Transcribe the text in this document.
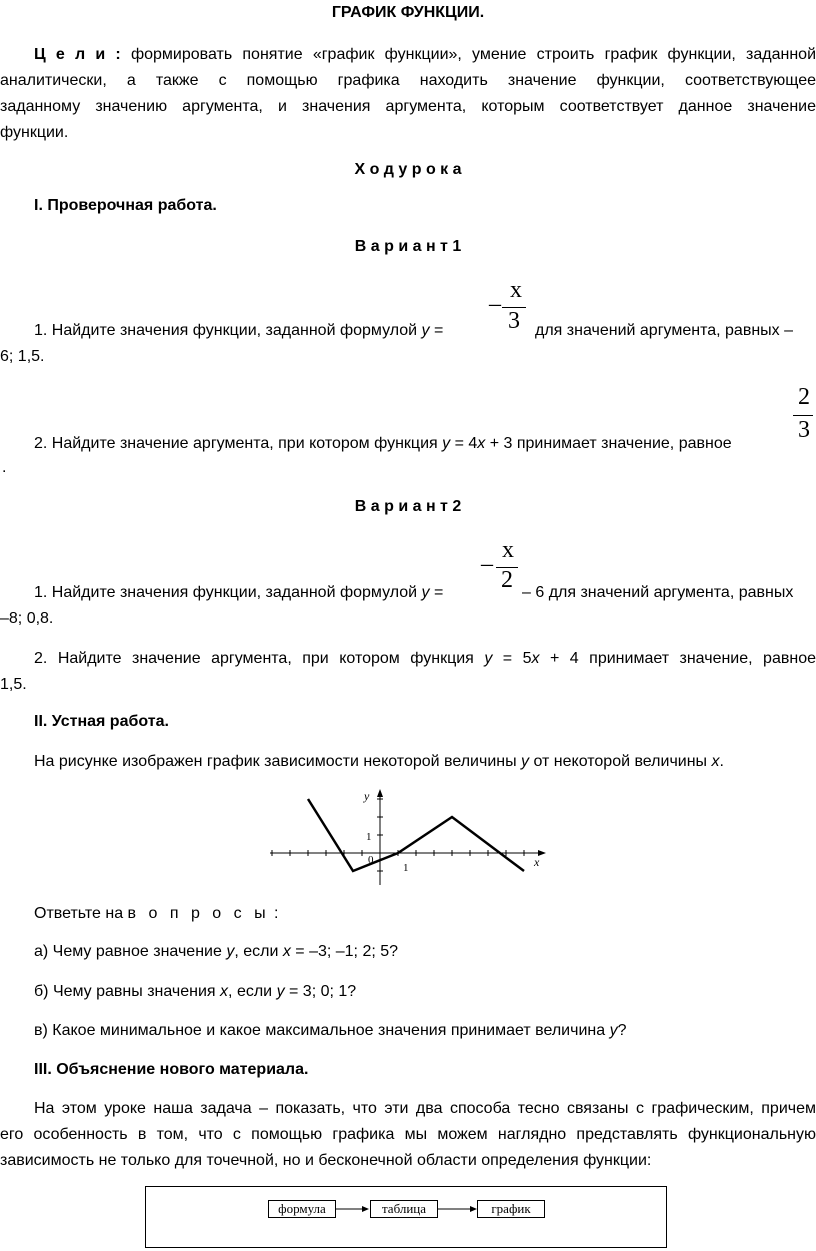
ГРАФИК ФУНКЦИИ.
Ц е л и : формировать понятие «график функции», умение строить график функции, заданной
аналитически, а также с помощью графика находить значение функции, соответствующее
заданному значению аргумента, и значения аргумента, которым соответствует данное значение
функции.
Х о д у р о к а
I. Проверочная работа.
В а р и а н т 1
x
3
–
1. Найдите значения функции, заданной формулой y =	для значений аргумента, равных –
6; 1,5.
2
3
2. Найдите значение аргумента, при котором функция y = 4x + 3 принимает значение, равное
.
В а р и а н т 2
x
2
–
1. Найдите значения функции, заданной формулой y =	– 6 для значений аргумента, равных
–8; 0,8.
2. Найдите значение аргумента, при котором функция y = 5x + 4 принимает значение, равное
1,5.
II. Устная работа.
На рисунке изображен график зависимости некоторой величины y от некоторой величины x.
y
x
1
0
1
Ответьте на в о п р о с ы :
а) Чему равное значение y, если x = –3; –1; 2; 5?
б) Чему равны значения x, если y = 3; 0; 1?
в) Какое минимальное и какое максимальное значения принимает величина y?
III. Объяснение нового материала.
На этом уроке наша задача – показать, что эти два способа тесно связаны с графическим, причем
его особенность в том, что с помощью графика мы можем наглядно представлять функциональную
зависимость не только для точечной, но и бесконечной области определения функции:
формула	таблица	график
